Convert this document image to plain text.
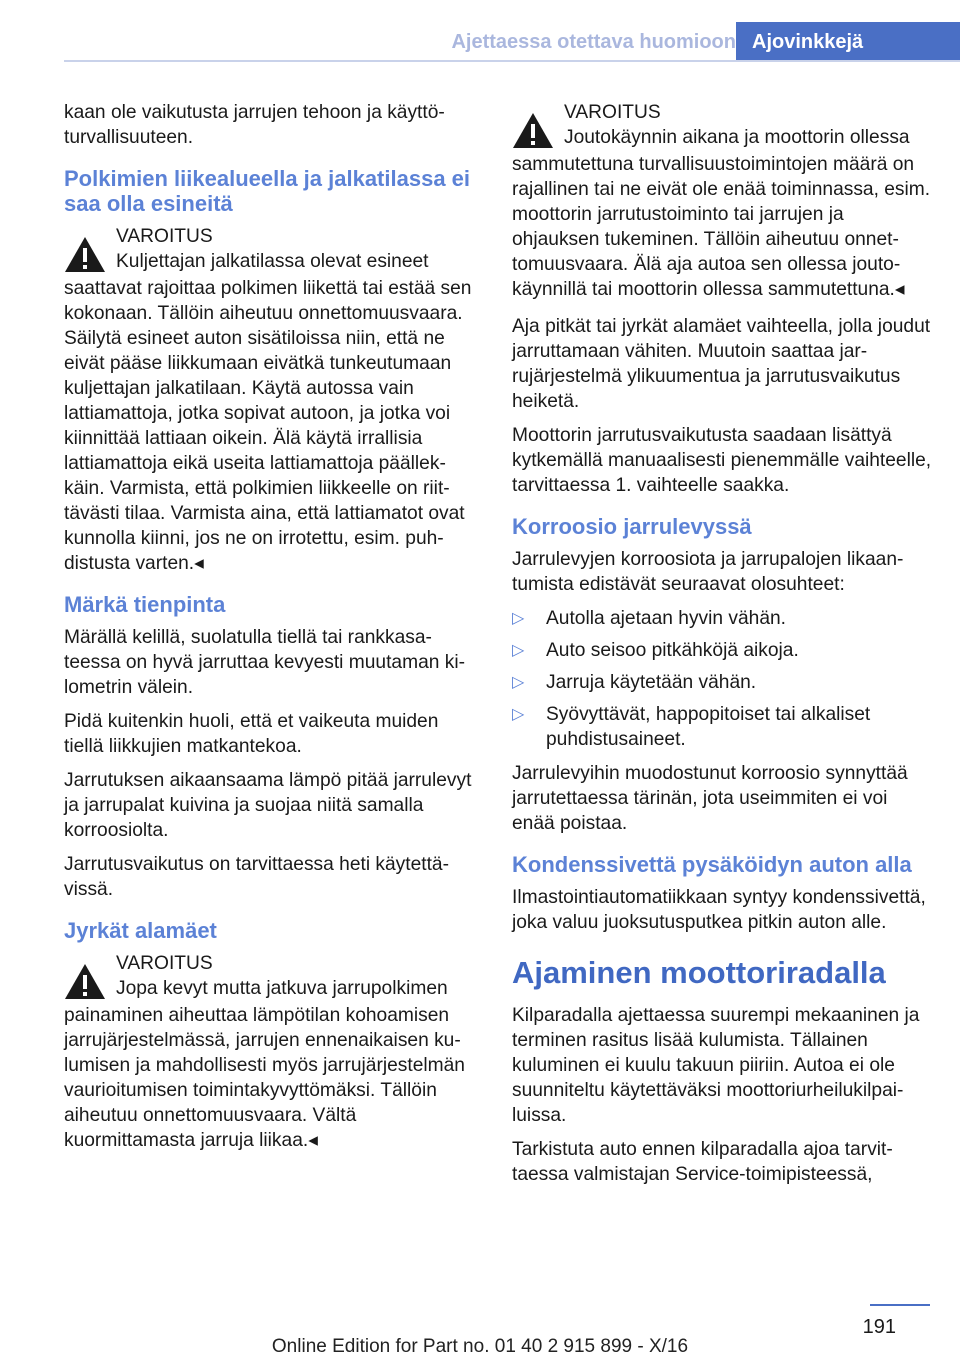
Ajettaessa otettava huomioon Ajovinkkejä

kaan ole vaikutusta jarrujen tehoon ja käyttöturvallisuuteen.

Polkimien liikealueella ja jalkatilassa ei saa olla esineitä
VAROITUS
Kuljettajan jalkatilassa olevat esineet
saattavat rajoittaa polkimen liikettä tai estää sen kokonaan. Tällöin aiheutuu onnettomuusvaara. Säilytä esineet auton sisätiloissa niin, että ne eivät pääse liikkumaan eivätkä tunkeutumaan kuljettajan jalkatilaan. Käytä autossa vain lattiamattoja, jotka sopivat autoon, ja jotka voi kiinnittää lattiaan oikein. Älä käytä irrallisia lattiamattoja eikä useita lattiamattoja päällekkäin. Varmista, että polkimien liikkeelle on riittävästi tilaa. Varmista aina, että lattiamatot ovat kunnolla kiinni, jos ne on irrotettu, esim. puhdistusta varten.◂
Märkä tienpinta

Märällä kelillä, suolatulla tiellä tai rankkasateessa on hyvä jarruttaa kevyesti muutaman kilometrin välein.

Pidä kuitenkin huoli, että et vaikeuta muiden tiellä liikkujien matkantekoa.

Jarrutuksen aikaansaama lämpö pitää jarrulevyt ja jarrupalat kuivina ja suojaa niitä samalla korroosiolta.

Jarrutusvaikutus on tarvittaessa heti käytettävissä.

Jyrkät alamäet
VAROITUS
Jopa kevyt mutta jatkuva jarrupolkimen
painaminen aiheuttaa lämpötilan kohoamisen jarrujärjestelmässä, jarrujen ennenaikaisen kulumisen ja mahdollisesti myös jarrujärjestelmän vaurioitumisen toimintakyvyttömäksi. Tällöin aiheutuu onnettomuusvaara. Vältä kuormittamasta jarruja liikaa.◂
VAROITUS
Joutokäynnin aikana ja moottorin ollessa
sammutettuna turvallisuustoimintojen määrä on rajallinen tai ne eivät ole enää toiminnassa, esim. moottorin jarrutustoiminto tai jarrujen ja ohjauksen tukeminen. Tällöin aiheutuu onnettomuusvaara. Älä aja autoa sen ollessa joutokäynnillä tai moottorin ollessa sammutettuna.◂

Aja pitkät tai jyrkät alamäet vaihteella, jolla joudut jarruttamaan vähiten. Muutoin saattaa jarrujärjestelmä ylikuumentua ja jarrutusvaikutus heiketä.

Moottorin jarrutusvaikutusta saadaan lisättyä kytkemällä manuaalisesti pienemmälle vaihteelle, tarvittaessa 1. vaihteelle saakka.

Korroosio jarrulevyssä

Jarrulevyjen korroosiota ja jarrupalojen likaantumista edistävät seuraavat olosuhteet:

▷ Autolla ajetaan hyvin vähän.
▷ Auto seisoo pitkähköjä aikoja.
▷ Jarruja käytetään vähän.
▷ Syövyttävät, happopitoiset tai alkaliset puhdistusaineet.

Jarrulevyihin muodostunut korroosio synnyttää jarrutettaessa tärinän, jota useimmiten ei voi enää poistaa.

Kondenssivettä pysäköidyn auton alla

Ilmastointiautomatiikkaan syntyy kondenssivettä, joka valuu juoksutusputkea pitkin auton alle.

Ajaminen moottoriradalla

Kilparadalla ajettaessa suurempi mekaaninen ja terminen rasitus lisää kulumista. Tällainen kuluminen ei kuulu takuun piiriin. Autoa ei ole suunniteltu käytettäväksi moottoriurheilukilpailuissa.

Tarkistuta auto ennen kilparadalla ajoa tarvittaessa valmistajan Service-toimipisteessä,

191
Online Edition for Part no. 01 40 2 915 899 - X/16
